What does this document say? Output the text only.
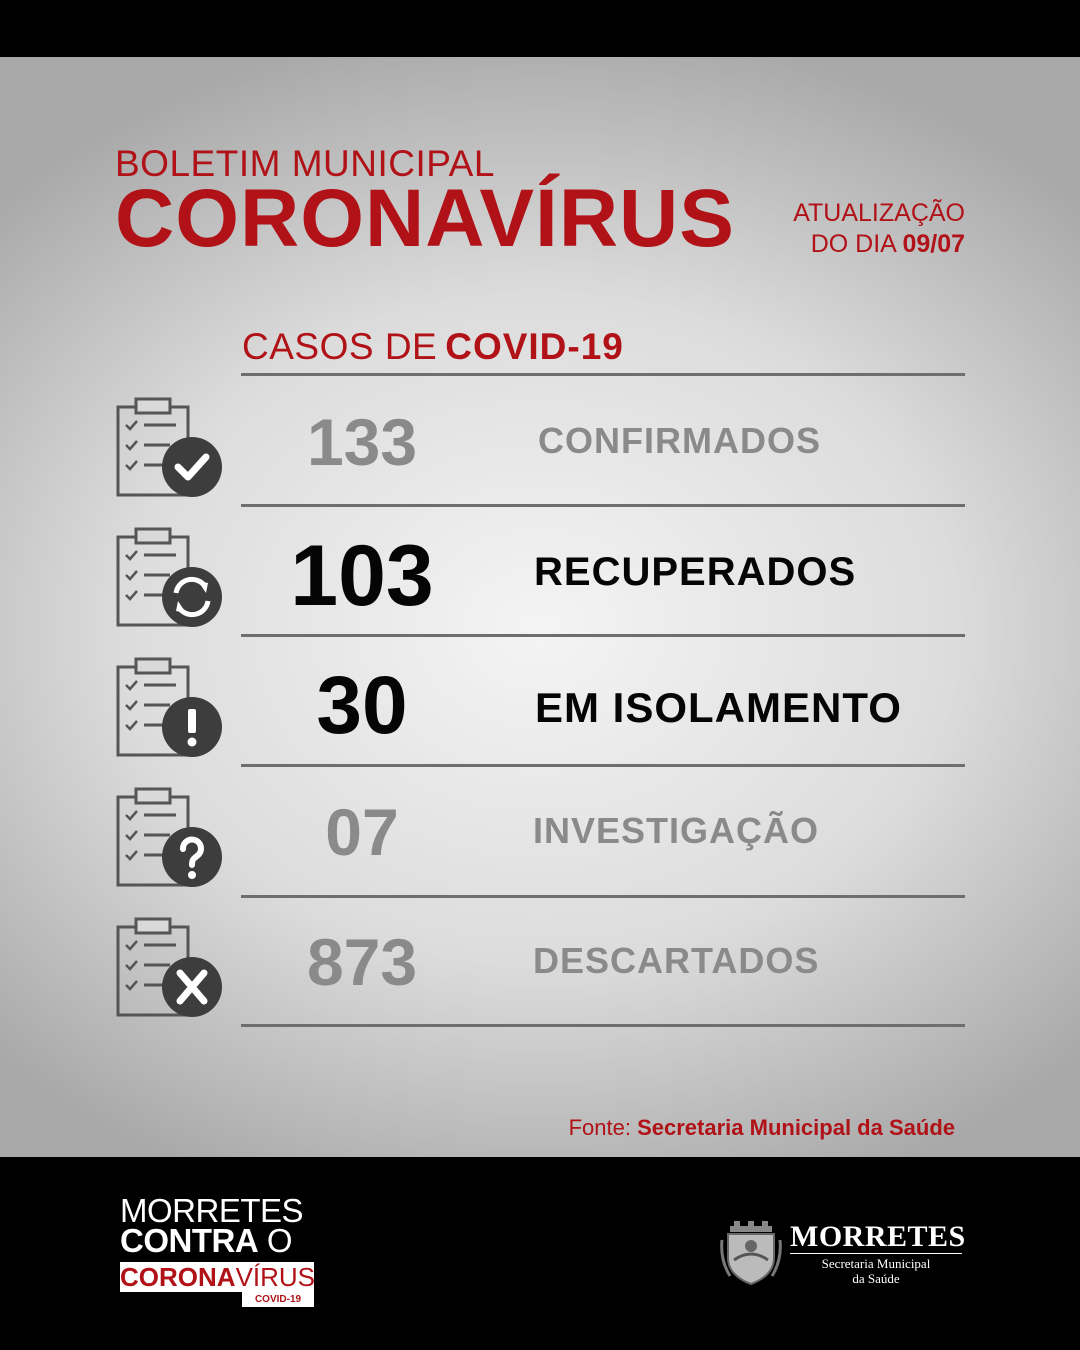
BOLETIM MUNICIPAL
CORONAVÍRUS ATUALIZAÇÃO
DO DIA 09/07
CASOS DE COVID-19
133	CONFIRMADOS
103	RECUPERADOS
30	EM ISOLAMENTO
07	INVESTIGAÇÃO
873	DESCARTADOS
Fonte: Secretaria Municipal da Saúde
MORRETES
CONTRA O
CORONAVÍRUS
COVID-19
MORRETES
Secretaria Municipal
da Saúde
